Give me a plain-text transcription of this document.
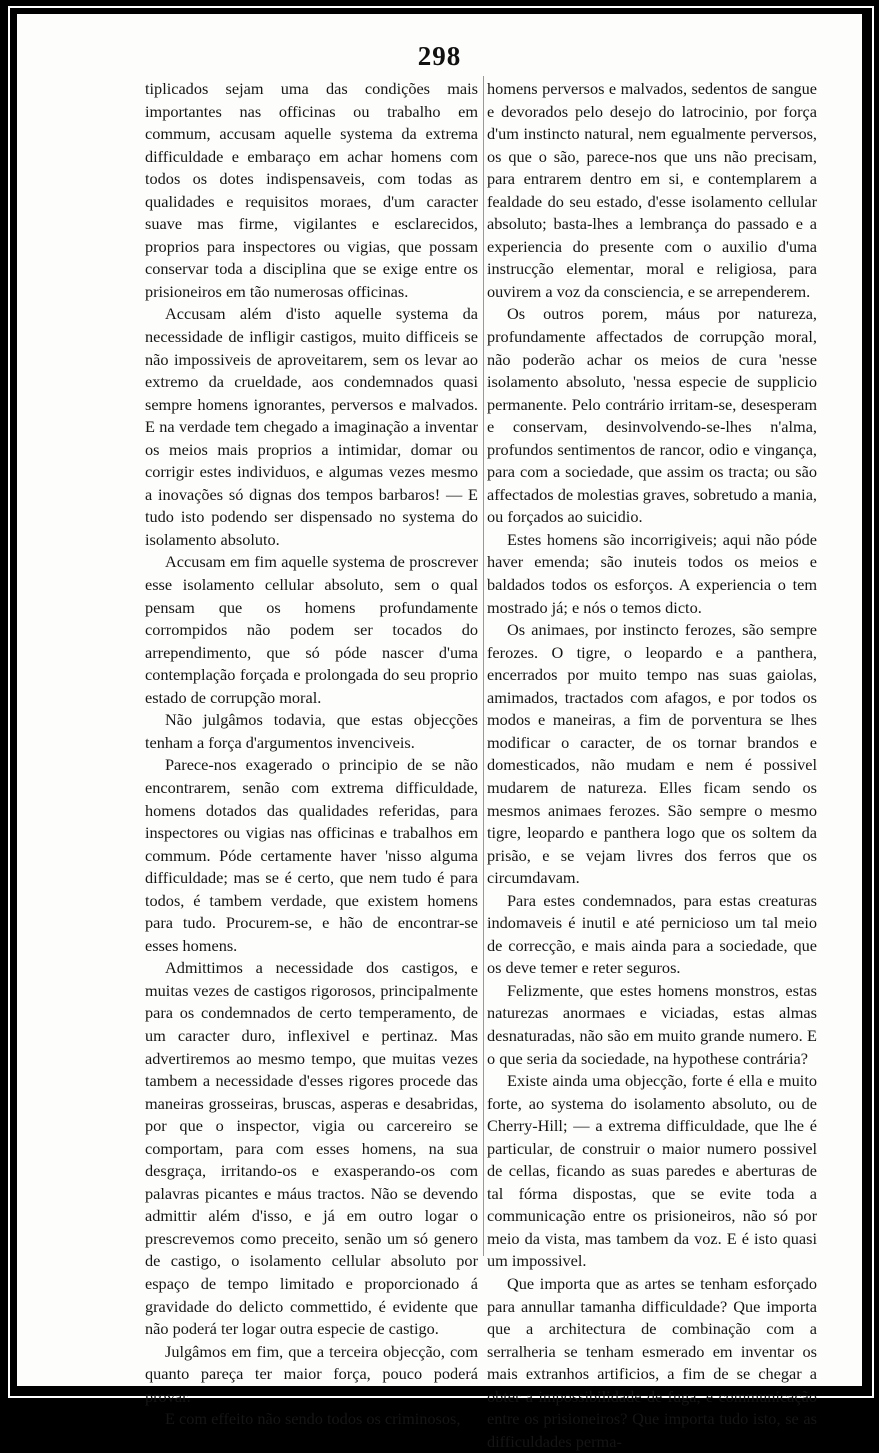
298

tiplicados sejam uma das condições mais importantes nas officinas ou trabalho em commum, accusam aquelle systema da extrema difficuldade e embaraço em achar homens com todos os dotes indispensaveis, com todas as qualidades e requisitos moraes, d'um caracter suave mas firme, vigilantes e esclarecidos, proprios para inspectores ou vigias, que possam conservar toda a disciplina que se exige entre os prisioneiros em tão numerosas officinas.

Accusam além d'isto aquelle systema da necessidade de infligir castigos, muito difficeis se não impossiveis de aproveitarem, sem os levar ao extremo da crueldade, aos condemnados quasi sempre homens ignorantes, perversos e malvados. E na verdade tem chegado a imaginação a inventar os meios mais proprios a intimidar, domar ou corrigir estes individuos, e algumas vezes mesmo a inovações só dignas dos tempos barbaros! — E tudo isto podendo ser dispensado no systema do isolamento absoluto.

Accusam em fim aquelle systema de proscrever esse isolamento cellular absoluto, sem o qual pensam que os homens profundamente corrompidos não podem ser tocados do arrependimento, que só póde nascer d'uma contemplação forçada e prolongada do seu proprio estado de corrupção moral.

Não julgâmos todavia, que estas objecções tenham a força d'argumentos invenciveis.

Parece-nos exagerado o principio de se não encontrarem, senão com extrema difficuldade, homens dotados das qualidades referidas, para inspectores ou vigias nas officinas e trabalhos em commum. Póde certamente haver 'nisso alguma difficuldade; mas se é certo, que nem tudo é para todos, é tambem verdade, que existem homens para tudo. Procurem-se, e hão de encontrar-se esses homens.

Admittimos a necessidade dos castigos, e muitas vezes de castigos rigorosos, principalmente para os condemnados de certo temperamento, de um caracter duro, inflexivel e pertinaz. Mas advertiremos ao mesmo tempo, que muitas vezes tambem a necessidade d'esses rigores procede das maneiras grosseiras, bruscas, asperas e desabridas, por que o inspector, vigia ou carcereiro se comportam, para com esses homens, na sua desgraça, irritando-os e exasperando-os com palavras picantes e máus tractos. Não se devendo admittir além d'isso, e já em outro logar o prescrevemos como preceito, senão um só genero de castigo, o isolamento cellular absoluto por espaço de tempo limitado e proporcionado á gravidade do delicto commettido, é evidente que não poderá ter logar outra especie de castigo.

Julgâmos em fim, que a terceira objecção, com quanto pareça ter maior força, pouco poderá provar.

E com effeito não sendo todos os criminosos,

homens perversos e malvados, sedentos de sangue e devorados pelo desejo do latrocinio, por força d'um instincto natural, nem egualmente perversos, os que o são, parece-nos que uns não precisam, para entrarem dentro em si, e contemplarem a fealdade do seu estado, d'esse isolamento cellular absoluto; basta-lhes a lembrança do passado e a experiencia do presente com o auxilio d'uma instrucção elementar, moral e religiosa, para ouvirem a voz da consciencia, e se arrependerem.

Os outros porem, máus por natureza, profundamente affectados de corrupção moral, não poderão achar os meios de cura 'nesse isolamento absoluto, 'nessa especie de supplicio permanente. Pelo contrário irritam-se, desesperam e conservam, desinvolvendo-se-lhes n'alma, profundos sentimentos de rancor, odio e vingança, para com a sociedade, que assim os tracta; ou são affectados de molestias graves, sobretudo a mania, ou forçados ao suicidio.

Estes homens são incorrigiveis; aqui não póde haver emenda; são inuteis todos os meios e baldados todos os esforços. A experiencia o tem mostrado já; e nós o temos dicto.

Os animaes, por instincto ferozes, são sempre ferozes. O tigre, o leopardo e a panthera, encerrados por muito tempo nas suas gaiolas, amimados, tractados com afagos, e por todos os modos e maneiras, a fim de porventura se lhes modificar o caracter, de os tornar brandos e domesticados, não mudam e nem é possivel mudarem de natureza. Elles ficam sendo os mesmos animaes ferozes. São sempre o mesmo tigre, leopardo e panthera logo que os soltem da prisão, e se vejam livres dos ferros que os circumdavam.

Para estes condemnados, para estas creaturas indomaveis é inutil e até pernicioso um tal meio de correcção, e mais ainda para a sociedade, que os deve temer e reter seguros.

Felizmente, que estes homens monstros, estas naturezas anormaes e viciadas, estas almas desnaturadas, não são em muito grande numero. E o que seria da sociedade, na hypothese contrária?

Existe ainda uma objecção, forte é ella e muito forte, ao systema do isolamento absoluto, ou de Cherry-Hill; — a extrema difficuldade, que lhe é particular, de construir o maior numero possivel de cellas, ficando as suas paredes e aberturas de tal fórma dispostas, que se evite toda a communicação entre os prisioneiros, não só por meio da vista, mas tambem da voz. E é isto quasi um impossivel.

Que importa que as artes se tenham esforçado para annullar tamanha difficuldade? Que importa que a architectura de combinação com a serralheria se tenham esmerado em inventar os mais extranhos artificios, a fim de se chegar a obter a impossibilidade de fuga, e communicação entre os prisioneiros? Que importa tudo isto, se as difficuldades perma-
